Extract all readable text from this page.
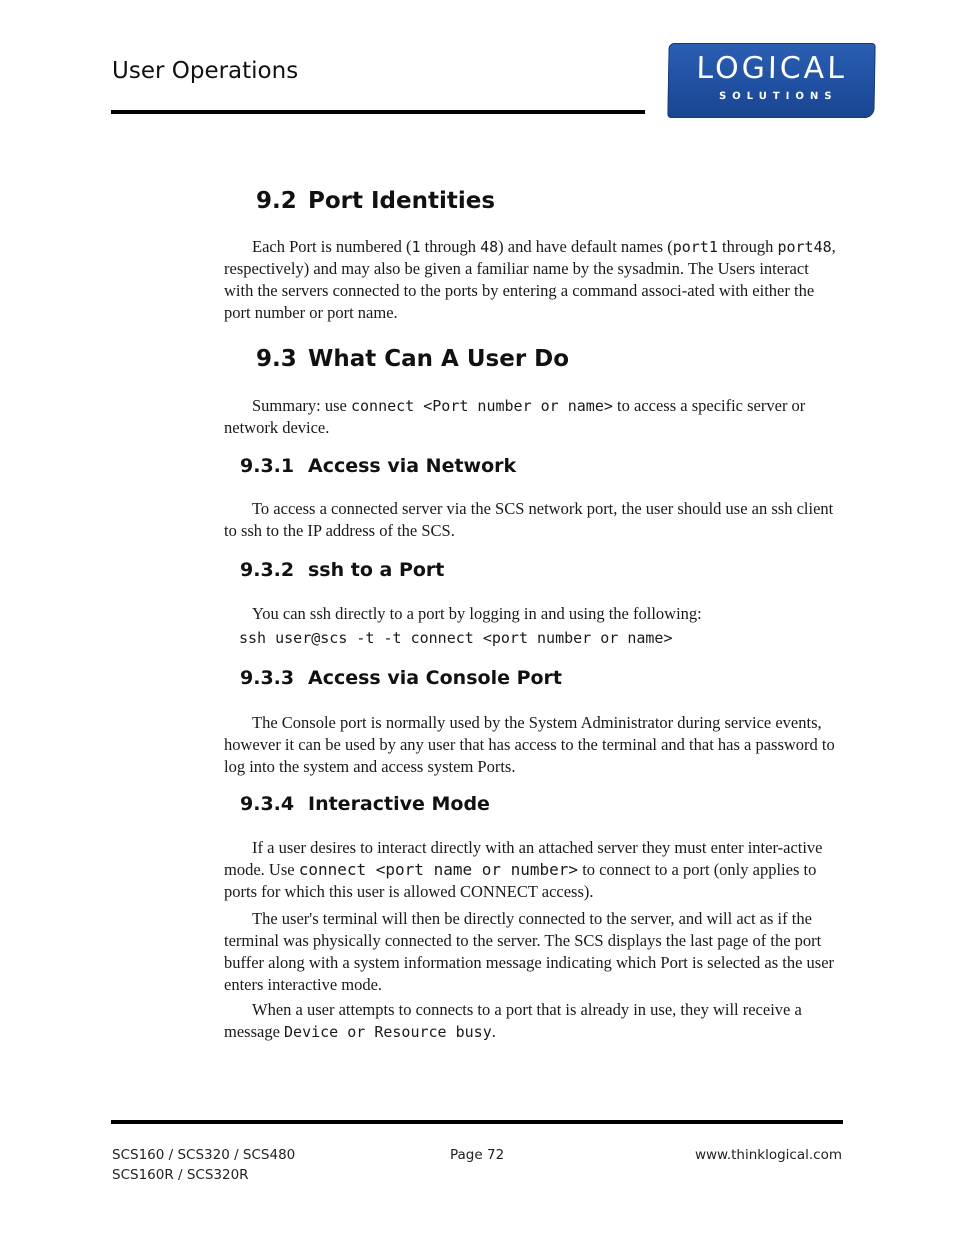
User Operations	LOGICAL
SOLUTIONS
9.2 Port Identities

Each Port is numbered (1 through 48) and have default names (port1 through port48, respectively) and may also be given a familiar name by the sysadmin. The Users interact with the servers connected to the ports by entering a command associ-ated with either the port number or port name.

9.3 What Can A User Do

Summary: use connect <Port number or name> to access a specific server or network device.

9.3.1 Access via Network

To access a connected server via the SCS network port, the user should use an ssh client to ssh to the IP address of the SCS.

9.3.2 ssh to a Port

You can ssh directly to a port by logging in and using the following:

ssh user@scs -t -t connect <port number or name>
9.3.3 Access via Console Port

The Console port is normally used by the System Administrator during service events, however it can be used by any user that has access to the terminal and that has a password to log into the system and access system Ports.

9.3.4 Interactive Mode

If a user desires to interact directly with an attached server they must enter inter-active mode. Use connect <port name or number> to connect to a port (only applies to ports for which this user is allowed CONNECT access).

The user's terminal will then be directly connected to the server, and will act as if the terminal was physically connected to the server. The SCS displays the last page of the port buffer along with a system information message indicating which Port is selected as the user enters interactive mode.

When a user attempts to connects to a port that is already in use, they will receive a message Device or Resource busy.

SCS160 / SCS320 / SCS480
SCS160R / SCS320R
Page 72	www.thinklogical.com
